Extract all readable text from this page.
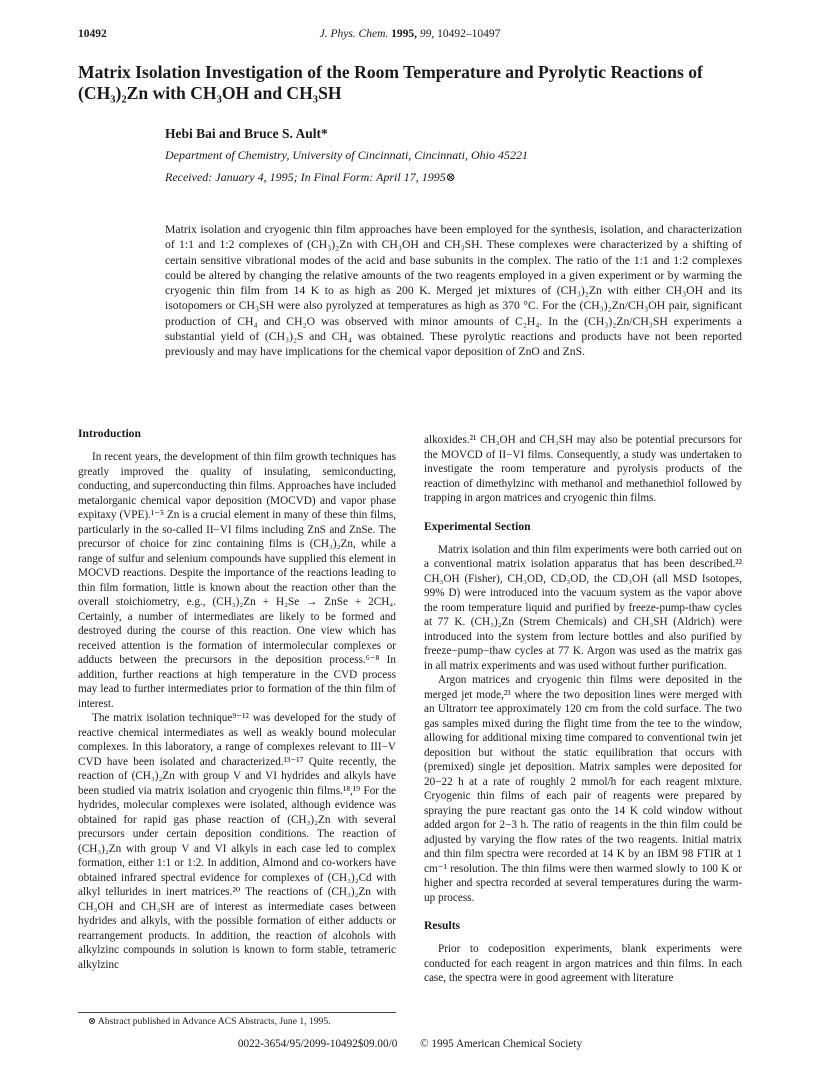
10492	J. Phys. Chem. 1995, 99, 10492–10497
Matrix Isolation Investigation of the Room Temperature and Pyrolytic Reactions of (CH₃)₂Zn with CH₃OH and CH₃SH
Hebi Bai and Bruce S. Ault*
Department of Chemistry, University of Cincinnati, Cincinnati, Ohio 45221
Received: January 4, 1995; In Final Form: April 17, 1995⊗

Matrix isolation and cryogenic thin film approaches have been employed for the synthesis, isolation, and characterization of 1:1 and 1:2 complexes of (CH₃)₂Zn with CH₃OH and CH₃SH. These complexes were characterized by a shifting of certain sensitive vibrational modes of the acid and base subunits in the complex. The ratio of the 1:1 and 1:2 complexes could be altered by changing the relative amounts of the two reagents employed in a given experiment or by warming the cryogenic thin film from 14 K to as high as 200 K. Merged jet mixtures of (CH₃)₂Zn with either CH₃OH and its isotopomers or CH₃SH were also pyrolyzed at temperatures as high as 370 °C. For the (CH₃)₂Zn/CH₃OH pair, significant production of CH₄ and CH₂O was observed with minor amounts of C₂H₄. In the (CH₃)₂Zn/CH₃SH experiments a substantial yield of (CH₃)₂S and CH₄ was obtained. These pyrolytic reactions and products have not been reported previously and may have implications for the chemical vapor deposition of ZnO and ZnS.

Introduction

In recent years, the development of thin film growth techniques has greatly improved the quality of insulating, semiconducting, conducting, and superconducting thin films. Approaches have included metalorganic chemical vapor deposition (MOCVD) and vapor phase expitaxy (VPE).¹⁻⁵ Zn is a crucial element in many of these thin films, particularly in the so-called II−VI films including ZnS and ZnSe. The precursor of choice for zinc containing films is (CH₃)₂Zn, while a range of sulfur and selenium compounds have supplied this element in MOCVD reactions. Despite the importance of the reactions leading to thin film formation, little is known about the reaction other than the overall stoichiometry, e.g., (CH₃)₂Zn + H₂Se → ZnSe + 2CH₄. Certainly, a number of intermediates are likely to be formed and destroyed during the course of this reaction. One view which has received attention is the formation of intermolecular complexes or adducts between the precursors in the deposition process.⁶⁻⁸ In addition, further reactions at high temperature in the CVD process may lead to further intermediates prior to formation of the thin film of interest.

The matrix isolation technique⁹⁻¹² was developed for the study of reactive chemical intermediates as well as weakly bound molecular complexes. In this laboratory, a range of complexes relevant to III−V CVD have been isolated and characterized.¹³⁻¹⁷ Quite recently, the reaction of (CH₃)₂Zn with group V and VI hydrides and alkyls have been studied via matrix isolation and cryogenic thin films.¹⁸,¹⁹ For the hydrides, molecular complexes were isolated, although evidence was obtained for rapid gas phase reaction of (CH₃)₂Zn with several precursors under certain deposition conditions. The reaction of (CH₃)₂Zn with group V and VI alkyls in each case led to complex formation, either 1:1 or 1:2. In addition, Almond and co-workers have obtained infrared spectral evidence for complexes of (CH₃)₂Cd with alkyl tellurides in inert matrices.²⁰ The reactions of (CH₃)₂Zn with CH₃OH and CH₃SH are of interest as intermediate cases between hydrides and alkyls, with the possible formation of either adducts or rearrangement products. In addition, the reaction of alcohols with alkylzinc compounds in solution is known to form stable, tetrameric alkylzinc

alkoxides.²¹ CH₃OH and CH₃SH may also be potential precursors for the MOVCD of II−VI films. Consequently, a study was undertaken to investigate the room temperature and pyrolysis products of the reaction of dimethylzinc with methanol and methanethiol followed by trapping in argon matrices and cryogenic thin films.

Experimental Section

Matrix isolation and thin film experiments were both carried out on a conventional matrix isolation apparatus that has been described.²² CH₃OH (Fisher), CH₃OD, CD₃OD, the CD₃OH (all MSD Isotopes, 99% D) were introduced into the vacuum system as the vapor above the room temperature liquid and purified by freeze-pump-thaw cycles at 77 K. (CH₃)₂Zn (Strem Chemicals) and CH₃SH (Aldrich) were introduced into the system from lecture bottles and also purified by freeze−pump−thaw cycles at 77 K. Argon was used as the matrix gas in all matrix experiments and was used without further purification.

Argon matrices and cryogenic thin films were deposited in the merged jet mode,²³ where the two deposition lines were merged with an Ultratorr tee approximately 120 cm from the cold surface. The two gas samples mixed during the flight time from the tee to the window, allowing for additional mixing time compared to conventional twin jet deposition but without the static equilibration that occurs with (premixed) single jet deposition. Matrix samples were deposited for 20−22 h at a rate of roughly 2 mmol/h for each reagent mixture. Cryogenic thin films of each pair of reagents were prepared by spraying the pure reactant gas onto the 14 K cold window without added argon for 2−3 h. The ratio of reagents in the thin film could be adjusted by varying the flow rates of the two reagents. Initial matrix and thin film spectra were recorded at 14 K by an IBM 98 FTIR at 1 cm⁻¹ resolution. The thin films were then warmed slowly to 100 K or higher and spectra recorded at several temperatures during the warm-up process.

Results

Prior to codeposition experiments, blank experiments were conducted for each reagent in argon matrices and thin films. In each case, the spectra were in good agreement with literature

⊗ Abstract published in Advance ACS Abstracts, June 1, 1995.
0022-3654/95/2099-10492$09.00/0 © 1995 American Chemical Society
